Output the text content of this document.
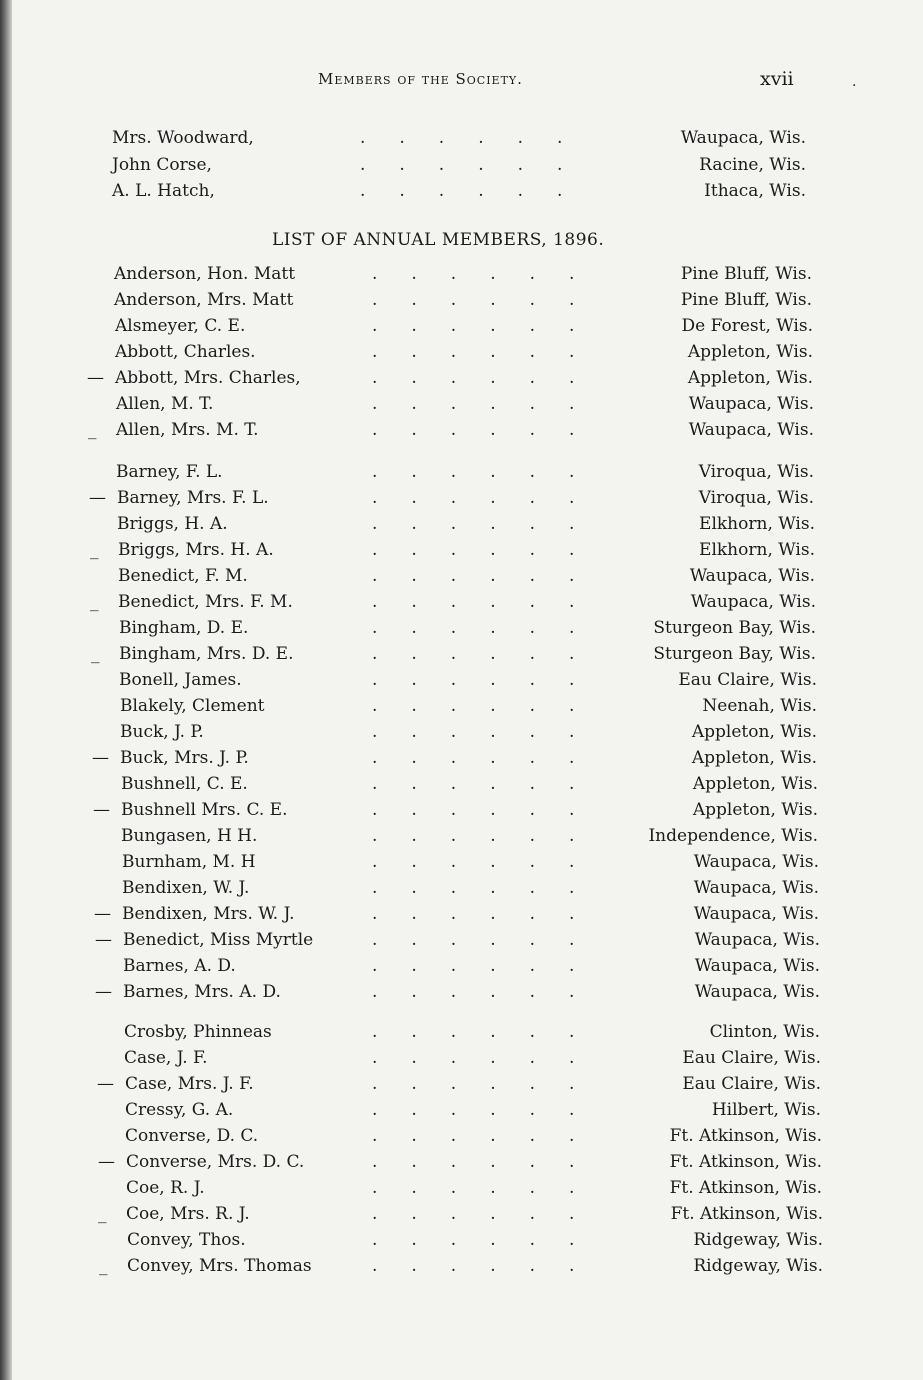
Members of the Society.	xvii	.
Mrs. Woodward,	.  .  .  .  .  .	Waupaca, Wis.
John Corse,	.  .  .  .  .  .	Racine, Wis.
A. L. Hatch,	.  .  .  .  .  .	Ithaca, Wis.
LIST OF ANNUAL MEMBERS, 1896.
Anderson, Hon. Matt	.  .  .  .  .  .	Pine Bluff, Wis.
Anderson, Mrs. Matt	.  .  .  .  .  .	Pine Bluff, Wis.
Alsmeyer, C. E.	.  .  .  .  .  .	De Forest, Wis.
Abbott, Charles.	.  .  .  .  .  .	Appleton, Wis.
— Abbott, Mrs. Charles,	.  .  .  .  .  .	Appleton, Wis.
Allen, M. T.	.  .  .  .  .  .	Waupaca, Wis.
_ Allen, Mrs. M. T.	.  .  .  .  .  .	Waupaca, Wis.
Barney, F. L.	.  .  .  .  .  .	Viroqua, Wis.
— Barney, Mrs. F. L.	.  .  .  .  .  .	Viroqua, Wis.
Briggs, H. A.	.  .  .  .  .  .	Elkhorn, Wis.
_ Briggs, Mrs. H. A.	.  .  .  .  .  .	Elkhorn, Wis.
Benedict, F. M.	.  .  .  .  .  .	Waupaca, Wis.
_ Benedict, Mrs. F. M.	.  .  .  .  .  .	Waupaca, Wis.
Bingham, D. E.	.  .  .  .  .  .	Sturgeon Bay, Wis.
_ Bingham, Mrs. D. E.	.  .  .  .  .  .	Sturgeon Bay, Wis.
Bonell, James.	.  .  .  .  .  .	Eau Claire, Wis.
Blakely, Clement	.  .  .  .  .  .	Neenah, Wis.
Buck, J. P.	.  .  .  .  .  .	Appleton, Wis.
— Buck, Mrs. J. P.	.  .  .  .  .  .	Appleton, Wis.
Bushnell, C. E.	.  .  .  .  .  .	Appleton, Wis.
— Bushnell Mrs. C. E.	.  .  .  .  .  .	Appleton, Wis.
Bungasen, H H.	.  .  .  .  .  .	Independence, Wis.
Burnham, M. H	.  .  .  .  .  .	Waupaca, Wis.
Bendixen, W. J.	.  .  .  .  .  .	Waupaca, Wis.
— Bendixen, Mrs. W. J.	.  .  .  .  .  .	Waupaca, Wis.
— Benedict, Miss Myrtle	.  .  .  .  .  .	Waupaca, Wis.
Barnes, A. D.	.  .  .  .  .  .	Waupaca, Wis.
— Barnes, Mrs. A. D.	.  .  .  .  .  .	Waupaca, Wis.
Crosby, Phinneas	.  .  .  .  .  .	Clinton, Wis.
Case, J. F.	.  .  .  .  .  .	Eau Claire, Wis.
— Case, Mrs. J. F.	.  .  .  .  .  .	Eau Claire, Wis.
Cressy, G. A.	.  .  .  .  .  .	Hilbert, Wis.
Converse, D. C.	.  .  .  .  .  .	Ft. Atkinson, Wis.
— Converse, Mrs. D. C.	.  .  .  .  .  .	Ft. Atkinson, Wis.
Coe, R. J.	.  .  .  .  .  .	Ft. Atkinson, Wis.
_ Coe, Mrs. R. J.	.  .  .  .  .  .	Ft. Atkinson, Wis.
Convey, Thos.	.  .  .  .  .  .	Ridgeway, Wis.
_ Convey, Mrs. Thomas	.  .  .  .  .  .	Ridgeway, Wis.
